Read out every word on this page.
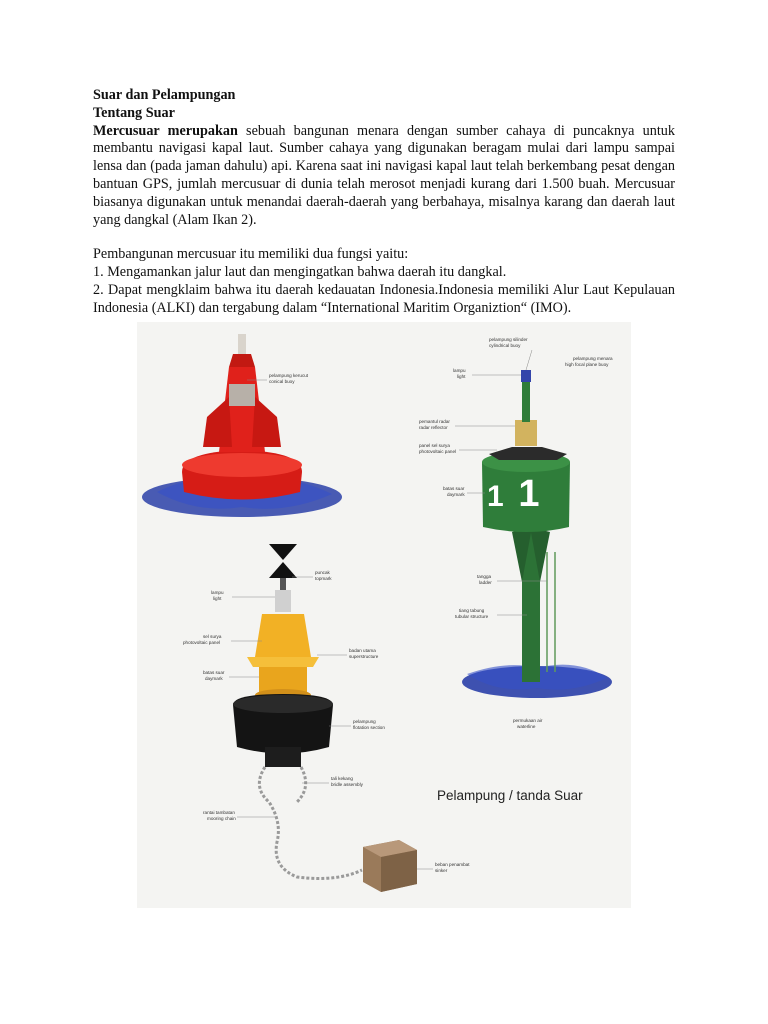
Suar dan Pelampungan
Tentang Suar

Mercusuar merupakan sebuah bangunan menara dengan sumber cahaya di puncaknya untuk membantu navigasi kapal laut. Sumber cahaya yang digunakan beragam mulai dari lampu sampai lensa dan (pada jaman dahulu) api. Karena saat ini navigasi kapal laut telah berkembang pesat dengan bantuan GPS, jumlah mercusuar di dunia telah merosot menjadi kurang dari 1.500 buah. Mercusuar biasanya digunakan untuk menandai daerah-daerah yang berbahaya, misalnya karang dan daerah laut yang dangkal (Alam Ikan 2).

Pembangunan mercusuar itu memiliki dua fungsi yaitu:

1. Mengamankan jalur laut dan mengingatkan bahwa daerah itu dangkal.

2. Dapat mengklaim bahwa itu daerah kedauatan Indonesia.Indonesia memiliki Alur Laut Kepulauan Indonesia (ALKI) dan tergabung dalam “International Maritim Organiztion“ (IMO).

1
1
pelampung kerucut
conical buoy
pelampung silinder
cylindrical buoy
pelampung menara
high focal plane buoy
lampu
light
pemantul radar
radar reflector
panel sel surya
photovoltaic panel
batas suar
daymark
tangga
ladder
tiang tabung
tubular structure
permukaan air
waterline
puncak
topmark
lampu
light
sel surya
photovoltaic panel
badan utama
superstructure
batas suar
daymark
pelampung
flotation section
tali kekang
bridle assembly
rantai tambatan
mooring chain
beban penambat
sinker
Pelampung / tanda Suar
